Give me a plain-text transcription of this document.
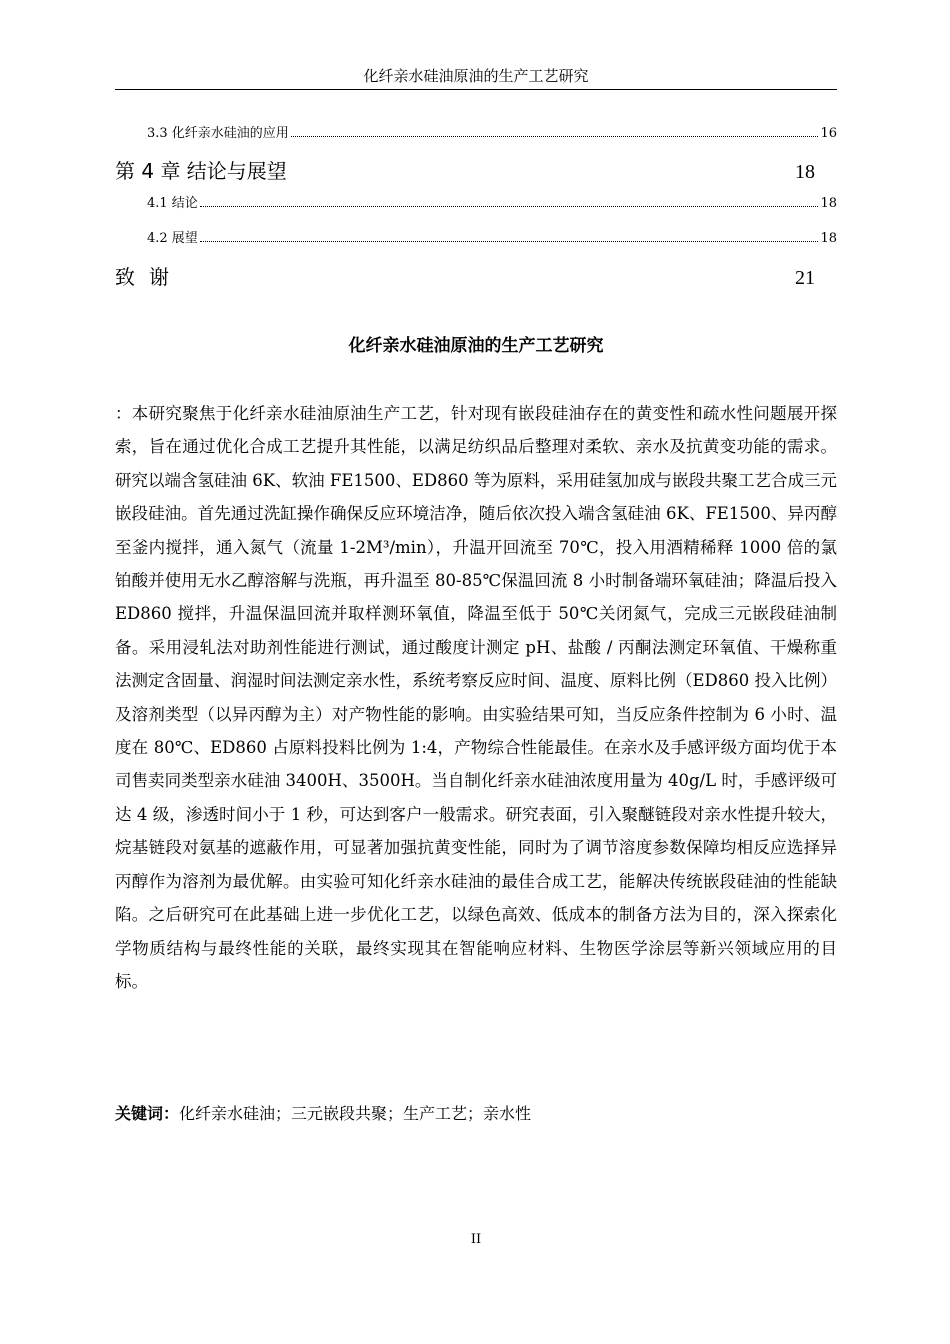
化纤亲水硅油原油的生产工艺研究
3.3 化纤亲水硅油的应用	16
第 4 章 结论与展望	18
4.1 结论	18
4.2 展望	18
致谢	21
化纤亲水硅油原油的生产工艺研究

：本研究聚焦于化纤亲水硅油原油生产工艺，针对现有嵌段硅油存在的黄变性和疏水性问题展开探索，旨在通过优化合成工艺提升其性能，以满足纺织品后整理对柔软、亲水及抗黄变功能的需求。研究以端含氢硅油 6K、软油 FE1500、ED860 等为原料，采用硅氢加成与嵌段共聚工艺合成三元嵌段硅油。首先通过洗缸操作确保反应环境洁净，随后依次投入端含氢硅油 6K、FE1500、异丙醇至釜内搅拌，通入氮气（流量 1-2M³/min），升温开回流至 70℃，投入用酒精稀释 1000 倍的氯铂酸并使用无水乙醇溶解与洗瓶，再升温至 80-85℃保温回流 8 小时制备端环氧硅油；降温后投入 ED860 搅拌，升温保温回流并取样测环氧值，降温至低于 50℃关闭氮气，完成三元嵌段硅油制备。采用浸轧法对助剂性能进行测试，通过酸度计测定 pH、盐酸 / 丙酮法测定环氧值、干燥称重法测定含固量、润湿时间法测定亲水性，系统考察反应时间、温度、原料比例（ED860 投入比例）及溶剂类型（以异丙醇为主）对产物性能的影响。由实验结果可知，当反应条件控制为 6 小时、温度在 80℃、ED860 占原料投料比例为 1:4，产物综合性能最佳。在亲水及手感评级方面均优于本司售卖同类型亲水硅油 3400H、3500H。当自制化纤亲水硅油浓度用量为 40g/L 时，手感评级可达 4 级，渗透时间小于 1 秒，可达到客户一般需求。研究表面，引入聚醚链段对亲水性提升较大，烷基链段对氨基的遮蔽作用，可显著加强抗黄变性能，同时为了调节溶度参数保障均相反应选择异丙醇作为溶剂为最优解。由实验可知化纤亲水硅油的最佳合成工艺，能解决传统嵌段硅油的性能缺陷。之后研究可在此基础上进一步优化工艺，以绿色高效、低成本的制备方法为目的，深入探索化学物质结构与最终性能的关联，最终实现其在智能响应材料、生物医学涂层等新兴领域应用的目标。

关键词：化纤亲水硅油；三元嵌段共聚；生产工艺；亲水性
II
